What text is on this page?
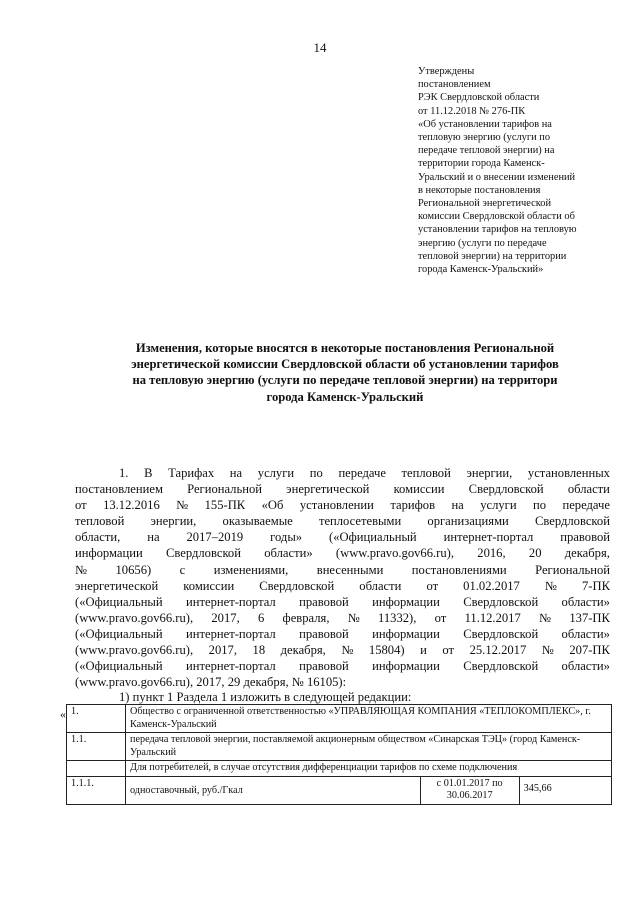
14
Утверждены
постановлением
РЭК Свердловской области
от 11.12.2018 № 276-ПК
«Об установлении тарифов на
тепловую энергию (услуги по
передаче тепловой энергии) на
территории города Каменск-
Уральский и о внесении изменений
в некоторые постановления
Региональной энергетической
комиссии Свердловской области об
установлении тарифов на тепловую
энергию (услуги по передаче
тепловой энергии) на территории
города Каменск-Уральский»
Изменения, которые вносятся в некоторые постановления Региональной
энергетической комиссии Свердловской области об установлении тарифов
на тепловую энергию (услуги по передаче тепловой энергии) на территори
города Каменск-Уральский
1. В Тарифах на услуги по передаче тепловой энергии, установленных
постановлением Региональной энергетической комиссии Свердловской области
от 13.12.2016 № 155-ПК «Об установлении тарифов на услуги по передаче
тепловой энергии, оказываемые теплосетевыми организациями Свердловской
области, на 2017–2019 годы» («Официальный интернет-портал правовой
информации Свердловской области» (www.pravo.gov66.ru), 2016, 20 декабря,
№ 10656) с изменениями, внесенными постановлениями Региональной
энергетической комиссии Свердловской области от 01.02.2017 № 7-ПК
(«Официальный интернет-портал правовой информации Свердловской области»
(www.pravo.gov66.ru), 2017, 6 февраля, № 11332), от 11.12.2017 № 137-ПК
(«Официальный интернет-портал правовой информации Свердловской области»
(www.pravo.gov66.ru), 2017, 18 декабря, № 15804) и от 25.12.2017 № 207-ПК
(«Официальный интернет-портал правовой информации Свердловской области»
(www.pravo.gov66.ru), 2017, 29 декабря, № 16105):
1) пункт 1 Раздела 1 изложить в следующей редакции:
« 1.	Общество с ограниченной ответственностью «УПРАВЛЯЮЩАЯ КОМПАНИЯ «ТЕПЛОКОМПЛЕКС», г. Каменск-Уральский		
1.1.	передача тепловой энергии, поставляемой акционерным обществом «Синарская ТЭЦ» (город Каменск-Уральский		
	Для потребителей, в случае отсутствия дифференциации тарифов по схеме подключения		
1.1.1.	одноставочный, руб./Гкал	с 01.01.2017 по 30.06.2017	345,66
